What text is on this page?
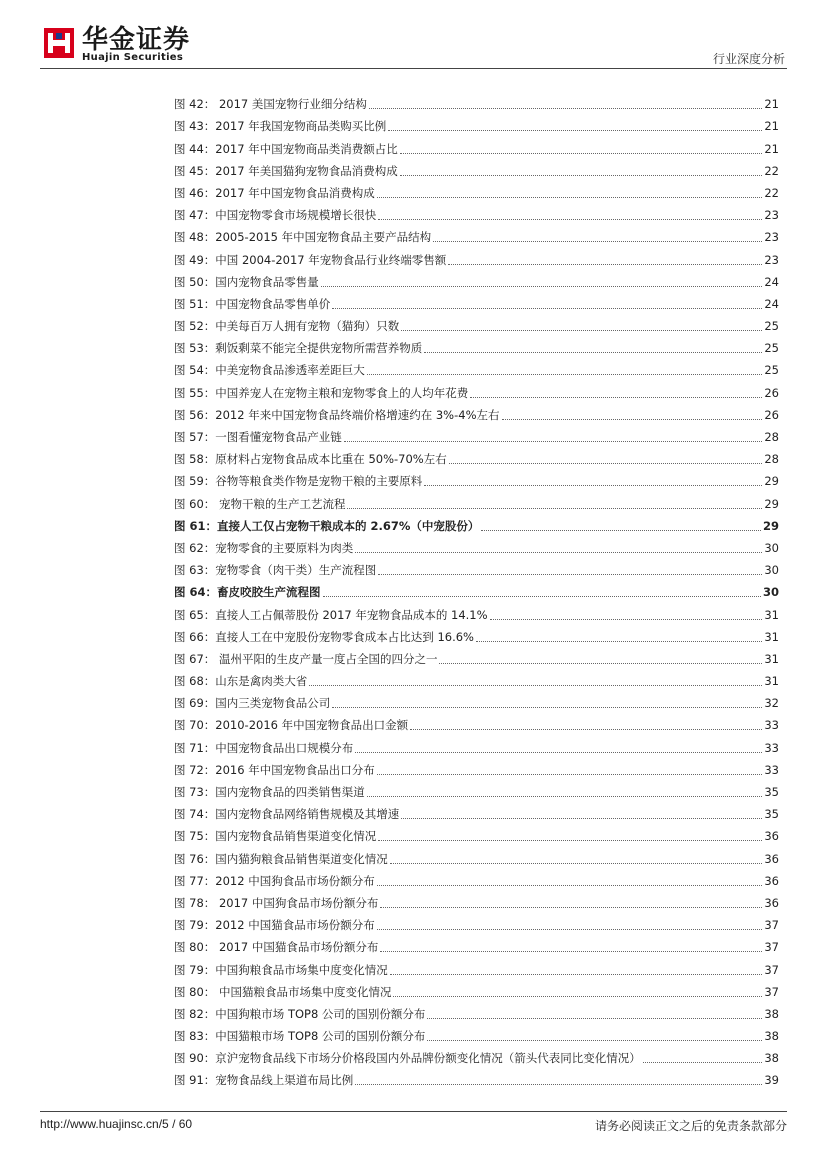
华金证券
Huajin Securities	行业深度分析
图 42： 2017 美国宠物行业细分结构	21
图 43：2017 年我国宠物商品类购买比例	21
图 44：2017 年中国宠物商品类消费额占比	21
图 45：2017 年美国猫狗宠物食品消费构成	22
图 46：2017 年中国宠物食品消费构成	22
图 47：中国宠物零食市场规模增长很快	23
图 48：2005-2015 年中国宠物食品主要产品结构	23
图 49：中国 2004-2017 年宠物食品行业终端零售额	23
图 50：国内宠物食品零售量	24
图 51：中国宠物食品零售单价	24
图 52：中美每百万人拥有宠物（猫狗）只数	25
图 53：剩饭剩菜不能完全提供宠物所需营养物质	25
图 54：中美宠物食品渗透率差距巨大	25
图 55：中国养宠人在宠物主粮和宠物零食上的人均年花费	26
图 56：2012 年来中国宠物食品终端价格增速约在 3%-4%左右	26
图 57：一图看懂宠物食品产业链	28
图 58：原材料占宠物食品成本比重在 50%-70%左右	28
图 59：谷物等粮食类作物是宠物干粮的主要原料	29
图 60： 宠物干粮的生产工艺流程	29
图 61：直接人工仅占宠物干粮成本的 2.67%（中宠股份）	29
图 62：宠物零食的主要原料为肉类	30
图 63：宠物零食（肉干类）生产流程图	30
图 64：畜皮咬胶生产流程图	30
图 65：直接人工占佩蒂股份 2017 年宠物食品成本的 14.1%	31
图 66：直接人工在中宠股份宠物零食成本占比达到 16.6%	31
图 67： 温州平阳的生皮产量一度占全国的四分之一	31
图 68：山东是禽肉类大省	31
图 69：国内三类宠物食品公司	32
图 70：2010-2016 年中国宠物食品出口金额	33
图 71：中国宠物食品出口规模分布	33
图 72：2016 年中国宠物食品出口分布	33
图 73：国内宠物食品的四类销售渠道	35
图 74：国内宠物食品网络销售规模及其增速	35
图 75：国内宠物食品销售渠道变化情况	36
图 76：国内猫狗粮食品销售渠道变化情况	36
图 77：2012 中国狗食品市场份额分布	36
图 78： 2017 中国狗食品市场份额分布	36
图 79：2012 中国猫食品市场份额分布	37
图 80： 2017 中国猫食品市场份额分布	37
图 79：中国狗粮食品市场集中度变化情况	37
图 80： 中国猫粮食品市场集中度变化情况	37
图 82：中国狗粮市场 TOP8 公司的国别份额分布	38
图 83：中国猫粮市场 TOP8 公司的国别份额分布	38
图 90：京沪宠物食品线下市场分价格段国内外品牌份额变化情况（箭头代表同比变化情况）	38
图 91：宠物食品线上渠道布局比例	39
http://www.huajinsc.cn/5 / 60	请务必阅读正文之后的免责条款部分
